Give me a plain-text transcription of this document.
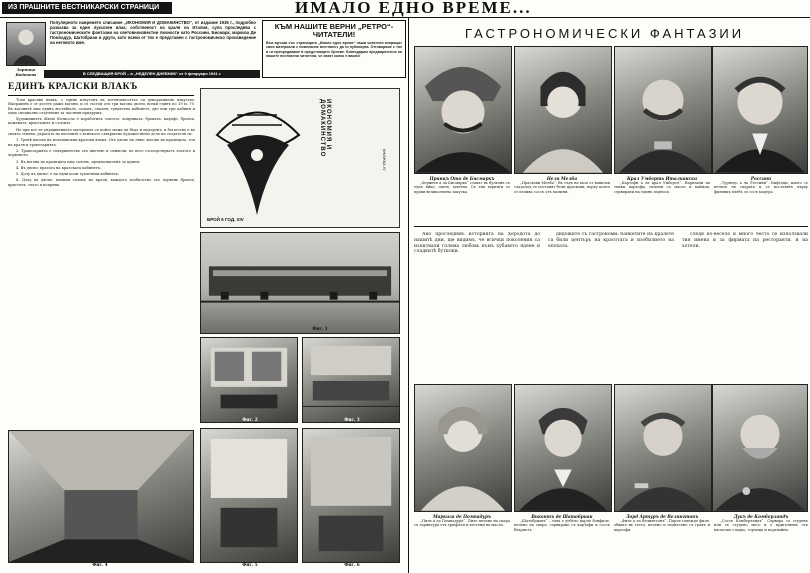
ИЗ ПРАШНИТЕ ВЕСТНИКАРСКИ СТРАНИЦИ	ИМАЛО ЕДНО ВРЕМЕ...
Зорница Воденова
Популярното навремето списание „ИКОНОМИЯ И ДОМАКИНСТВО“, от издание 1935 г., подробно разказва за един луксозен влак, собственост на краля на Италия, супа проследява с гастрономическите фантазии на световноизвестни личности като Россини, Бисмарк, маркиза Де Помпадур, Шатобриан и други, като всеки от тях е представен с гастрономическо произведение на неговото име.
В СЛЕДВАЩИЯ БРОЙ – в „НЕДЕЛЕН ДНЕВНИК“ от 9 февруари 1941 г.
КЪМ НАШИТЕ ВЕРНИ „РЕТРО“-ЧИТАТЕЛИ!
Във връзка със страницата „Имало едно време“ наши читатели изпращат свои материали с пожелание вестникът да ги публикува. Отговаряме с тях и ги препредаваме в предстоящите броеве. Благодарим предварително на нашите постоянни читатели, че знаят колко е важно!
ЕДИНЪ КРАЛСКИ ВЛАКЪ

Този красивъ влакъ, с единъ изкусенъ въ изтънченостьта си декоративенъ изкуство. Направенъ е от десетъ ражъ вагони, и съ състои отъ три вагона дълги, всеки единъ по 19 м. 70. Въ вагонитѣ има единъ вестибюлъ, салонъ, спалня, тувалетна кабинетъ, две или три кабини и една специално отделение за частния придружъ.

Художникътъ Жюль Кезисоза е изработилъ златото, коприната, броката, кадифе, бронза, кожената, кристалите и сълзите.

Но при все че упражнението материалъ съ който може да бъде и модеренъ, и богатство е въ своята стилна, украсата на вагонитѣ е всичкото съвършено художествено дело на създателя си.

1. Тритѣ вагона въ италианския кралски влакъ. Отъ дясно на ляво: вагонъ на кралицата, тоя на краля и трапезарията.

2. Трапезарията е съвършенство отъ цветове и символи, въ него господствуватъ златото и червеното.

3. Въ вагона на кралицата има салонъ, предназначенъ за прием.

4. Въ дясно: вратата на кралската кабинетъ.

5. Долу въ дясно: е на едни коли туалетния кабинетъ.

6. Долу въ дясно: малкия салонъ на краля, каждото изобилство отъ червень бронзъ, кристалъ, злато и коприна.

ИКОНОМИЯ И ДОМАКИНСТВО
КНИЖКА IV
БРОЙ 5 ГОД. XIV
Фиг. 1
Фиг. 2	Фиг. 3
Фиг. 4	Фиг. 5	Фиг. 6
ГАСТРОНОМИЧЕСКИ ФАНТАЗИИ
Принцъ Ото де Бисмаркъ
„Херинги а ла Бисмаркъ“ стават въ бульонъ съ едно яйце, оцетъ, млечна. Съ тия херинги се прави великолепна закуска.
Нели Мелба
„Праскови Мелба“. Въ съдъ на ваза от ванилов сладолед се поставят бели праскови, върху които се излива соссъ отъ малини.
Крал Умберть Италиански
„Картофи а ла крал Умбертъ“. Нарязани на тънки картофи, печени съ масло и каймак, сервирани на единъ подносъ.
Россини
„Турнедо а ла Россини“. Бифтеци, които се печатъ на скарата и се поставятъ върху филиякъ хлебъ съ сосъ мадера.
Ако проследимъ историята на Херодота до нашитѣ дни, ще видимъ, че всички поколения са изпитвали голяма любовь къмъ хубавото ядене и сладкитѣ бутилки.
дидожите съ гастрономи: банкетите на кралете са били центъръ на красотата и изобилието на епохата.
следя по-весело и много често се използвали тия имена и за фирмата на ресторанти, и на хотели.
Маркиза де Помпадуръ
„Пиле а ла Помпадуръ“. Пиле печено на скара съ гарнитура отъ трюфели и кестени въ масло.
Виконтъ де Шатобриан
„Шатобриань“ – това е дебело парче бонфиле, печено на скара, сервирано съ картофи и соссъ беарнезъ.
Лорд Артуръ де Велингтонъ
„Филе а ла Велингтонъ“. Парче говеждо филе, обвито въ тесто, печено и поднесено съ грахъ и картофи.
Дукъ де Комберландъ
„Соссъ Комберландъ“. Сервира се студенъ или съ студено месо и е приготвенъ отъ касисово сладко, горчица и портвайнъ.
